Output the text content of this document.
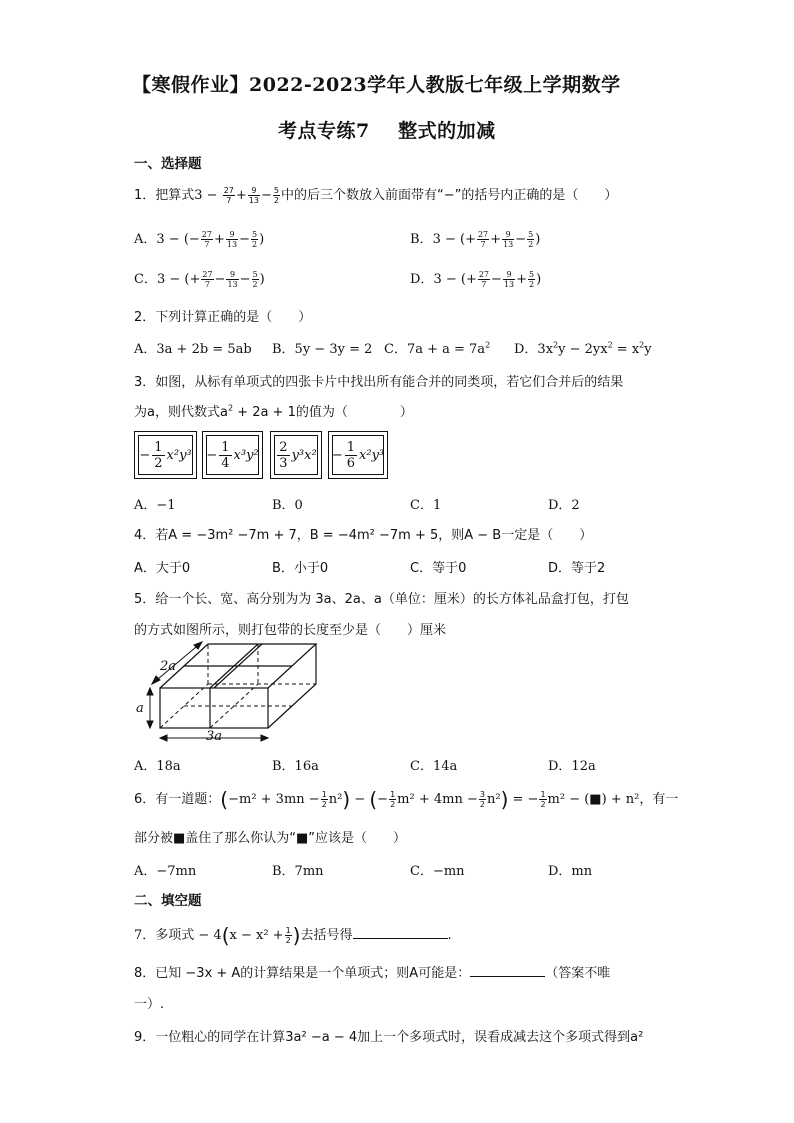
【寒假作业】2022-2023学年人教版七年级上学期数学
考点专练7    整式的加减
一、选择题
1．把算式$3 - \frac{27}{7} + \frac{9}{13} - \frac{5}{2}$ 中的后三个数放入前面带有“−”的括号内正确的是（　　）
A．3 − (− $\frac{27}{7} + \frac{9}{13} - \frac{5}{2}$ )	B．3 − (+ $\frac{27}{7} + \frac{9}{13} - \frac{5}{2}$ )
C．3 − (+ $\frac{27}{7} - \frac{9}{13} - \frac{5}{2}$ )	D．3 − (+ $\frac{27}{7} - \frac{9}{13} + \frac{5}{2}$ )
2．下列计算正确的是（　　）
A．3a + 2b = 5ab B．5y − 3y = 2 C．$7a + a = 7a^2$ D．$3x^2y - 2yx^2 = x^2y$
3．如图，从标有单项式的四张卡片中找出所有能合并的同类项，若它们合并后的结果
为a，则代数式$a^2 + 2a + 1$的值为（　　　　）
− $\frac{1}{2} x^2y^3 - \frac{1}{4} x^3y^2$
2
3
$y^3x^2 - \frac{1}{6} x^2y^3$
A．−1	B．0	C．1	D．2
4．若A = −3m² −7m + 7，B = −4m² −7m + 5，则A − B一定是（　　）
A．大于0	B．小于0	C．等于0	D．等于2
5．给一个长、宽、高分别为为 3a、2a、a（单位：厘米）的长方体礼品盒打包，打包
的方式如图所示，则打包带的长度至少是（　　）厘米
2a
a
3a
A．18a	B．16a	C．14a	D．12a
6．有一道题：$(-m^2 + 3mn - \frac{1}{2} n^2)$ − (− $\frac{1}{2} m^2 + 4mn - \frac{3}{2} n^2$) = − $\frac{1}{2} m^2$ − (■) + n²，有一
部分被■盖住了那么你认为“■”应该是（　　）
A．−7mn	B．7mn	C．−mn	D．mn
二、填空题
7．多项式 − $4(x - x^2 + \frac{1}{2}$ )去括号得	.
8．已知 −3x + A的计算结果是一个单项式；则A可能是：	（答案不唯
一）.
9．一位粗心的同学在计算3a² −a − 4加上一个多项式时，误看成减去这个多项式得到a²
